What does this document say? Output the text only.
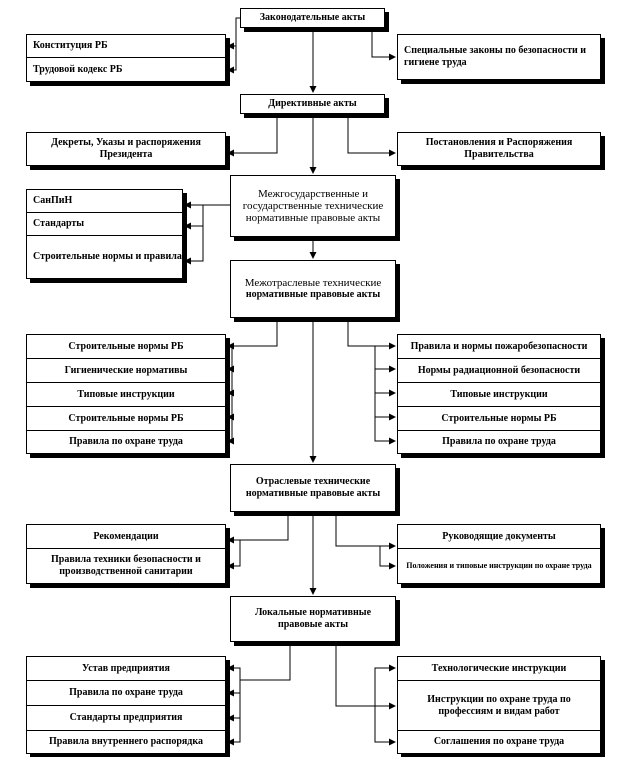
Законодательные акты
Конституция РБ
Трудовой кодекс РБ
Специальные законы по безопасности и гигиене труда
Директивные акты
Декреты, Указы и распоряжения Президента
Постановления и Распоряжения Правительства
Межгосударственные и государственные технические нормативные правовые акты
СанПиН
Стандарты
Строительные нормы и правила
Межотраслевые технические
нормативные правовые акты
Строительные нормы РБ
Гигиенические нормативы
Типовые инструкции
Строительные нормы РБ
Правила по охране труда
Правила и нормы пожаробезопасности
Нормы радиационной безопасности
Типовые инструкции
Строительные нормы РБ
Правила по охране труда
Отраслевые технические нормативные правовые акты
Рекомендации
Правила техники безопасности и производственной санитарии
Руководящие документы
Положения и типовые инструкции по охране труда
Локальные нормативные правовые акты
Устав предприятия
Правила по охране труда
Стандарты предприятия
Правила внутреннего распорядка
Технологические инструкции
Инструкции по охране труда по профессиям и видам работ
Соглашения по охране труда
